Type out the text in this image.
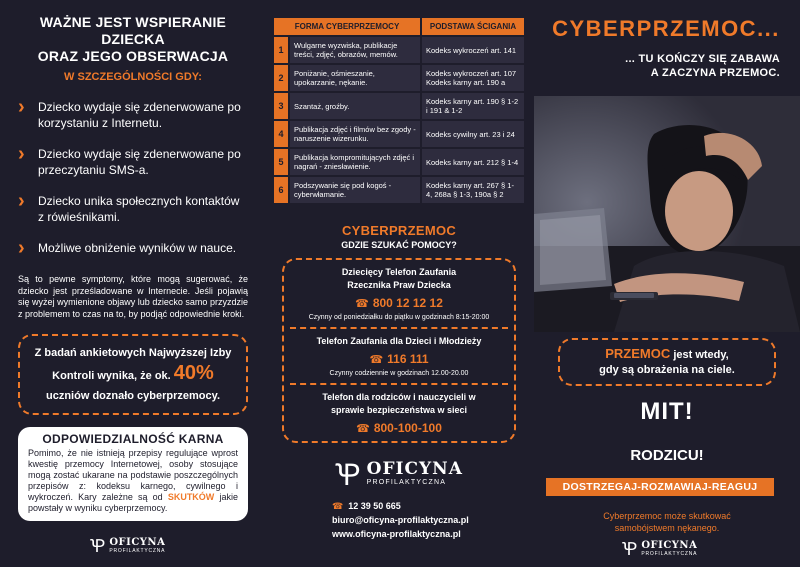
WAŻNE JEST WSPIERANIE DZIECKA
ORAZ JEGO OBSERWACJA
W SZCZEGÓLNOŚCI GDY:
›	Dziecko wydaje się zdenerwowane po korzystaniu z Internetu.
›	Dziecko wydaje się zdenerwowane po przeczytaniu SMS-a.
›	Dziecko unika społecznych kontaktów z rówieśnikami.
›	Możliwe obniżenie wyników w nauce.

Są to pewne symptomy, które mogą sugerować, że dziecko jest prześladowane w Internecie. Jeśli pojawią się wyżej wymienione objawy lub dziecko samo przyzdzie z problemem to czas na to, by podjąć odpowiednie kroki.

Z badań ankietowych Najwyższej Izby Kontroli wynika, że ok. 40%
uczniów doznało cyberprzemocy.
ODPOWIEDZIALNOŚĆ KARNA

Pomimo, że nie istnieją przepisy regulujące wprost kwestię przemocy Internetowej, osoby stosujące mogą zostać ukarane na podstawie poszczególnych przepisów z: kodeksu karnego, cywilnego i wykroczeń. Kary zależne są od SKUTKÓW jakie powstały w wyniku cyberprzemocy.

Ꝕ OFICYNA
PROFILAKTYCZNA
FORMA CYBERPRZEMOCY		PODSTAWA ŚCIGANIA
1	Wulgarne wyzwiska, publikacje treści, zdjęć, obrazów, memów.	Kodeks wykroczeń art. 141
2	Poniżanie, ośmieszanie, upokarzanie, nękanie.	Kodeks wykroczeń art. 107 Kodeks karny art. 190 a
3	Szantaż, groźby.	Kodeks karny art. 190 § 1-2 i 191 & 1-2
4	Publikacja zdjęć i filmów bez zgody - naruszenie wizerunku.	Kodeks cywilny art. 23 i 24
5	Publikacja kompromitujących zdjęć i nagrań - zniesławienie.	Kodeks karny art. 212 § 1-4
6	Podszywanie się pod kogoś - cyberwłamanie.	Kodeks karny art. 267 § 1-4, 268a § 1-3, 190a § 2
CYBERPRZEMOC
GDZIE SZUKAĆ POMOCY?
Dziecięcy Telefon Zaufania
Rzecznika Praw Dziecka
☎ 800 12 12 12
Czynny od poniedziałku do piątku w godzinach 8:15-20:00
Telefon Zaufania dla Dzieci i Młodzieży
☎ 116 111
Czynny codziennie w godzinach 12.00-20.00
Telefon dla rodziców i nauczycieli w
sprawie bezpieczeństwa w sieci
☎ 800-100-100
Ꝕ OFICYNA
PROFILAKTYCZNA
☎ 12 39 50 665
biuro@oficyna-profilaktyczna.pl
www.oficyna-profilaktyczna.pl
CYBERPRZEMOC...
... TU KOŃCZY SIĘ ZABAWA
A ZACZYNA PRZEMOC.
PRZEMOC jest wtedy,
gdy są obrażenia na ciele.
MIT!
RODZICU!
DOSTRZEGAJ-ROZMAWIAJ-REAGUJ
Cyberprzemoc może skutkować
samobójstwem nękanego.
Ꝕ OFICYNA
PROFILAKTYCZNA
